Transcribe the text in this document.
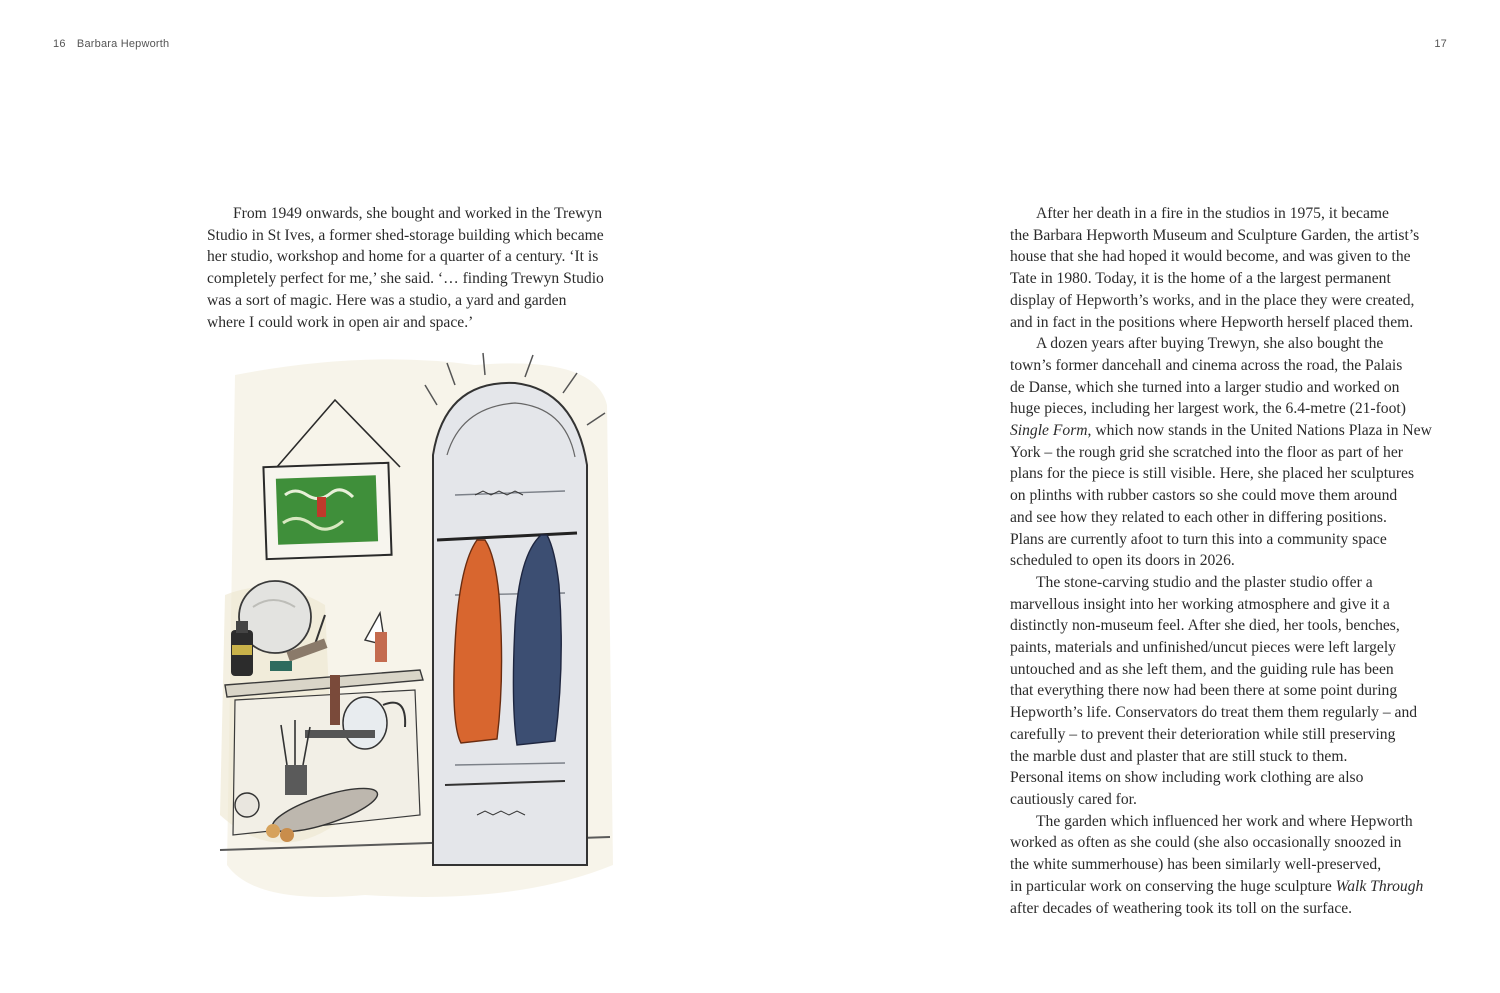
16 Barbara Hepworth	17
From 1949 onwards, she bought and worked in the Trewyn
Studio in St Ives, a former shed-storage building which became
her studio, workshop and home for a quarter of a century. ‘It is
completely perfect for me,’ she said. ‘… finding Trewyn Studio
was a sort of magic. Here was a studio, a yard and garden
where I could work in open air and space.’
After her death in a fire in the studios in 1975, it became
the Barbara Hepworth Museum and Sculpture Garden, the artist’s
house that she had hoped it would become, and was given to the
Tate in 1980. Today, it is the home of a the largest permanent
display of Hepworth’s works, and in the place they were created,
and in fact in the positions where Hepworth herself placed them.
A dozen years after buying Trewyn, she also bought the
town’s former dancehall and cinema across the road, the Palais
de Danse, which she turned into a larger studio and worked on
huge pieces, including her largest work, the 6.4-metre (21-foot)
Single Form, which now stands in the United Nations Plaza in New
York – the rough grid she scratched into the floor as part of her
plans for the piece is still visible. Here, she placed her sculptures
on plinths with rubber castors so she could move them around
and see how they related to each other in differing positions.
Plans are currently afoot to turn this into a community space
scheduled to open its doors in 2026.
The stone-carving studio and the plaster studio offer a
marvellous insight into her working atmosphere and give it a
distinctly non-museum feel. After she died, her tools, benches,
paints, materials and unfinished/uncut pieces were left largely
untouched and as she left them, and the guiding rule has been
that everything there now had been there at some point during
Hepworth’s life. Conservators do treat them them regularly – and
carefully – to prevent their deterioration while still preserving
the marble dust and plaster that are still stuck to them.
Personal items on show including work clothing are also
cautiously cared for.
The garden which influenced her work and where Hepworth
worked as often as she could (she also occasionally snoozed in
the white summerhouse) has been similarly well-preserved,
in particular work on conserving the huge sculpture Walk Through
after decades of weathering took its toll on the surface.
